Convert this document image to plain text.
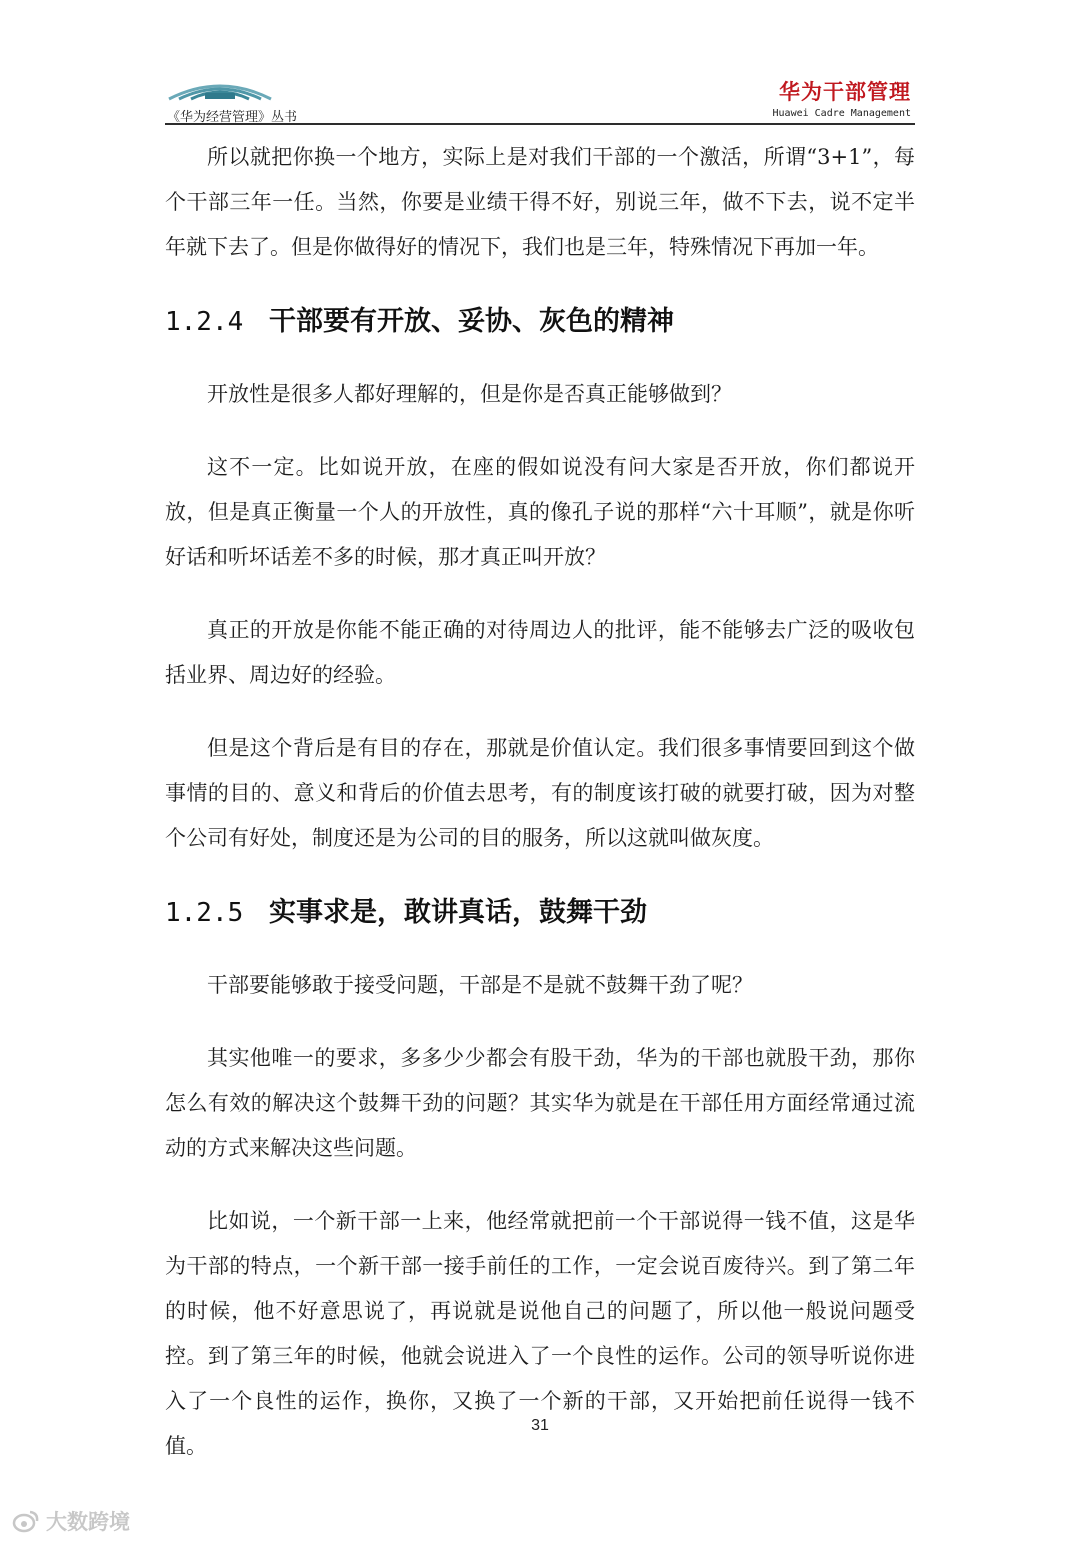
《华为经营管理》丛书
华为干部管理
Huawei Cadre Management

所以就把你换一个地方，实际上是对我们干部的一个激活，所谓“3+1”，每个干部三年一任。当然，你要是业绩干得不好，别说三年，做不下去，说不定半年就下去了。但是你做得好的情况下，我们也是三年，特殊情况下再加一年。

1.2.4 干部要有开放、妥协、灰色的精神

开放性是很多人都好理解的，但是你是否真正能够做到？

这不一定。比如说开放，在座的假如说没有问大家是否开放，你们都说开放，但是真正衡量一个人的开放性，真的像孔子说的那样“六十耳顺”，就是你听好话和听坏话差不多的时候，那才真正叫开放？

真正的开放是你能不能正确的对待周边人的批评，能不能够去广泛的吸收包括业界、周边好的经验。

但是这个背后是有目的存在，那就是价值认定。我们很多事情要回到这个做事情的目的、意义和背后的价值去思考，有的制度该打破的就要打破，因为对整个公司有好处，制度还是为公司的目的服务，所以这就叫做灰度。

1.2.5 实事求是，敢讲真话，鼓舞干劲

干部要能够敢于接受问题，干部是不是就不鼓舞干劲了呢？

其实他唯一的要求，多多少少都会有股干劲，华为的干部也就股干劲，那你怎么有效的解决这个鼓舞干劲的问题？其实华为就是在干部任用方面经常通过流动的方式来解决这些问题。

比如说，一个新干部一上来，他经常就把前一个干部说得一钱不值，这是华为干部的特点，一个新干部一接手前任的工作，一定会说百废待兴。到了第二年的时候，他不好意思说了，再说就是说他自己的问题了，所以他一般说问题受控。到了第三年的时候，他就会说进入了一个良性的运作。公司的领导听说你进入了一个良性的运作，换你，又换了一个新的干部，又开始把前任说得一钱不值。

31
大数跨境
